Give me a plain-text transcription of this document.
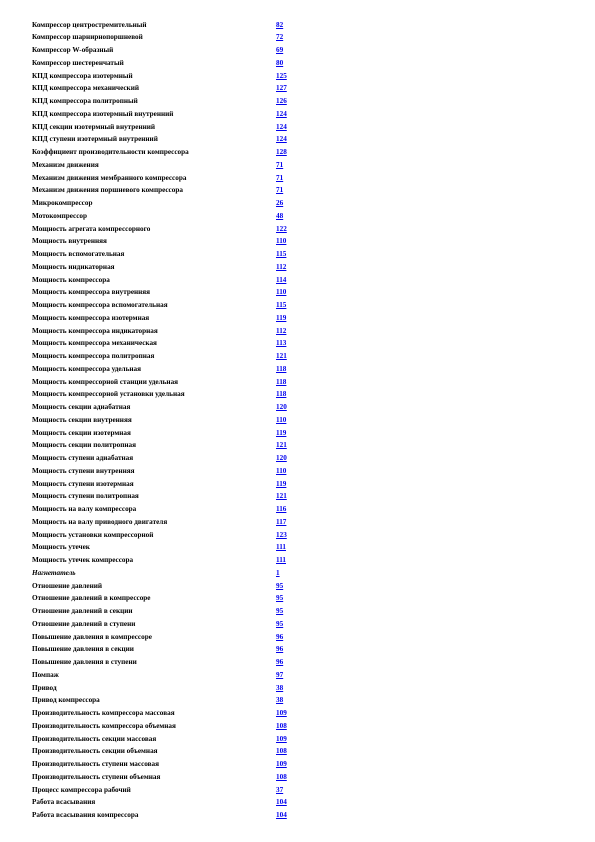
Компрессор центростремительный	82
Компрессор шарнирнопоршневой	72
Компрессор W-образный	69
Компрессор шестеренчатый	80
КПД компрессора изотермный	125
КПД компрессора механический	127
КПД компрессора политропный	126
КПД компрессора изотермный внутренний	124
КПД секции изотермный внутренний	124
КПД ступени изотермный внутренний	124
Коэффициент производительности компрессора	128
Механизм движения	71
Механизм движения мембранного компрессора	71
Механизм движения поршневого компрессора	71
Микрокомпрессор	26
Мотокомпрессор	48
Мощность агрегата компрессорного	122
Мощность внутренняя	110
Мощность вспомогательная	115
Мощность индикаторная	112
Мощность компрессора	114
Мощность компрессора внутренняя	110
Мощность компрессора вспомогательная	115
Мощность компрессора изотермная	119
Мощность компрессора индикаторная	112
Мощность компрессора механическая	113
Мощность компрессора политропная	121
Мощность компрессора удельная	118
Мощность компрессорной станции удельная	118
Мощность компрессорной установки удельная	118
Мощность секции адиабатная	120
Мощность секции внутренняя	110
Мощность секции изотермная	119
Мощность секции политропная	121
Мощность ступени адиабатная	120
Мощность ступени внутренняя	110
Мощность ступени изотермная	119
Мощность ступени политропная	121
Мощность на валу компрессора	116
Мощность на валу приводного двигателя	117
Мощность установки компрессорной	123
Мощность утечек	111
Мощность утечек компрессора	111
Нагнетатель	1
Отношение давлений	95
Отношение давлений в компрессоре	95
Отношение давлений в секции	95
Отношение давлений в ступени	95
Повышение давления в компрессоре	96
Повышение давления в секции	96
Повышение давления в ступени	96
Помпаж	97
Привод	38
Привод компрессора	38
Производительность компрессора массовая	109
Производительность компрессора объемная	108
Производительность секции массовая	109
Производительность секции объемная	108
Производительность ступени массовая	109
Производительность ступени объемная	108
Процесс компрессора рабочий	37
Работа всасывания	104
Работа всасывания компрессора	104
